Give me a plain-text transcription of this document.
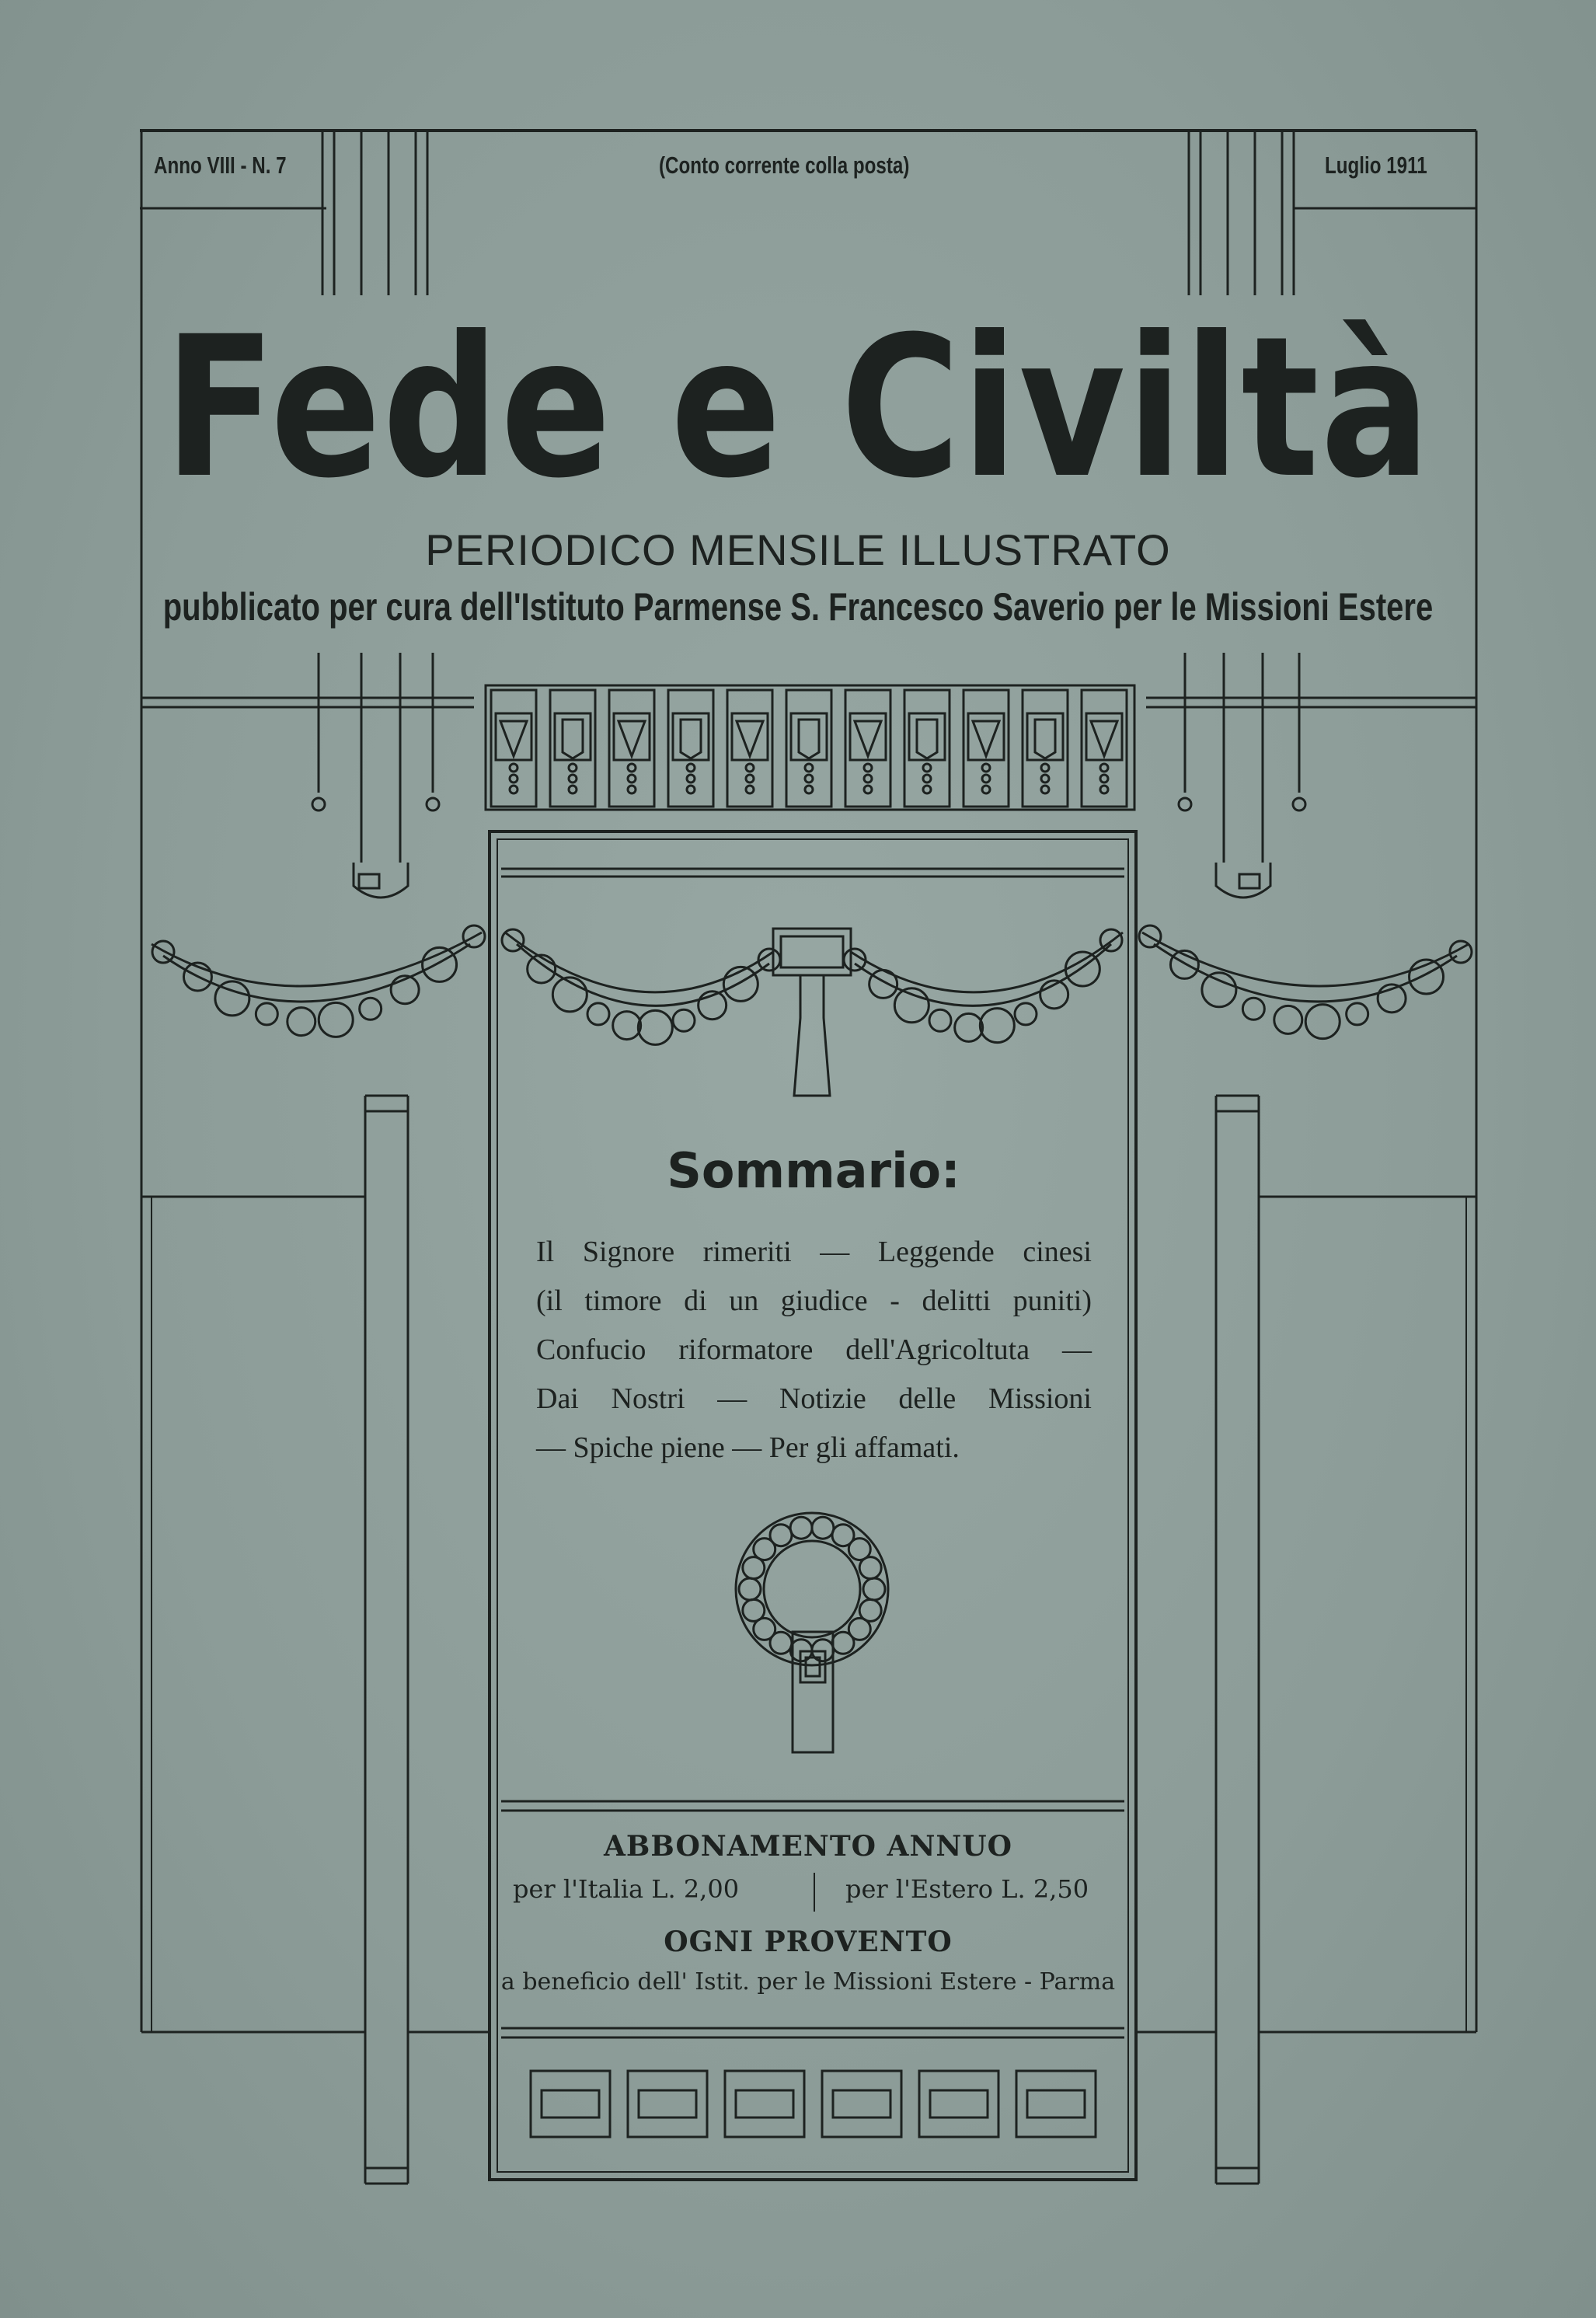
Anno VIII - N. 7	(Conto corrente colla posta)	Luglio 1911
Fede e Civiltà
PERIODICO MENSILE ILLUSTRATO
pubblicato per cura dell'Istituto Parmense S. Francesco Saverio per le Missioni Estere
Sommario:
Il Signore rimeriti — Leggende cinesi
(il timore di un giudice - delitti puniti)
Confucio riformatore dell'Agricoltuta —
Dai Nostri — Notizie delle Missioni
— Spiche piene — Per gli affamati.
ABBONAMENTO ANNUO
per l'Italia L. 2,00	per l'Estero L. 2,50
OGNI PROVENTO
a beneficio dell' Istit. per le Missioni Estere - Parma
